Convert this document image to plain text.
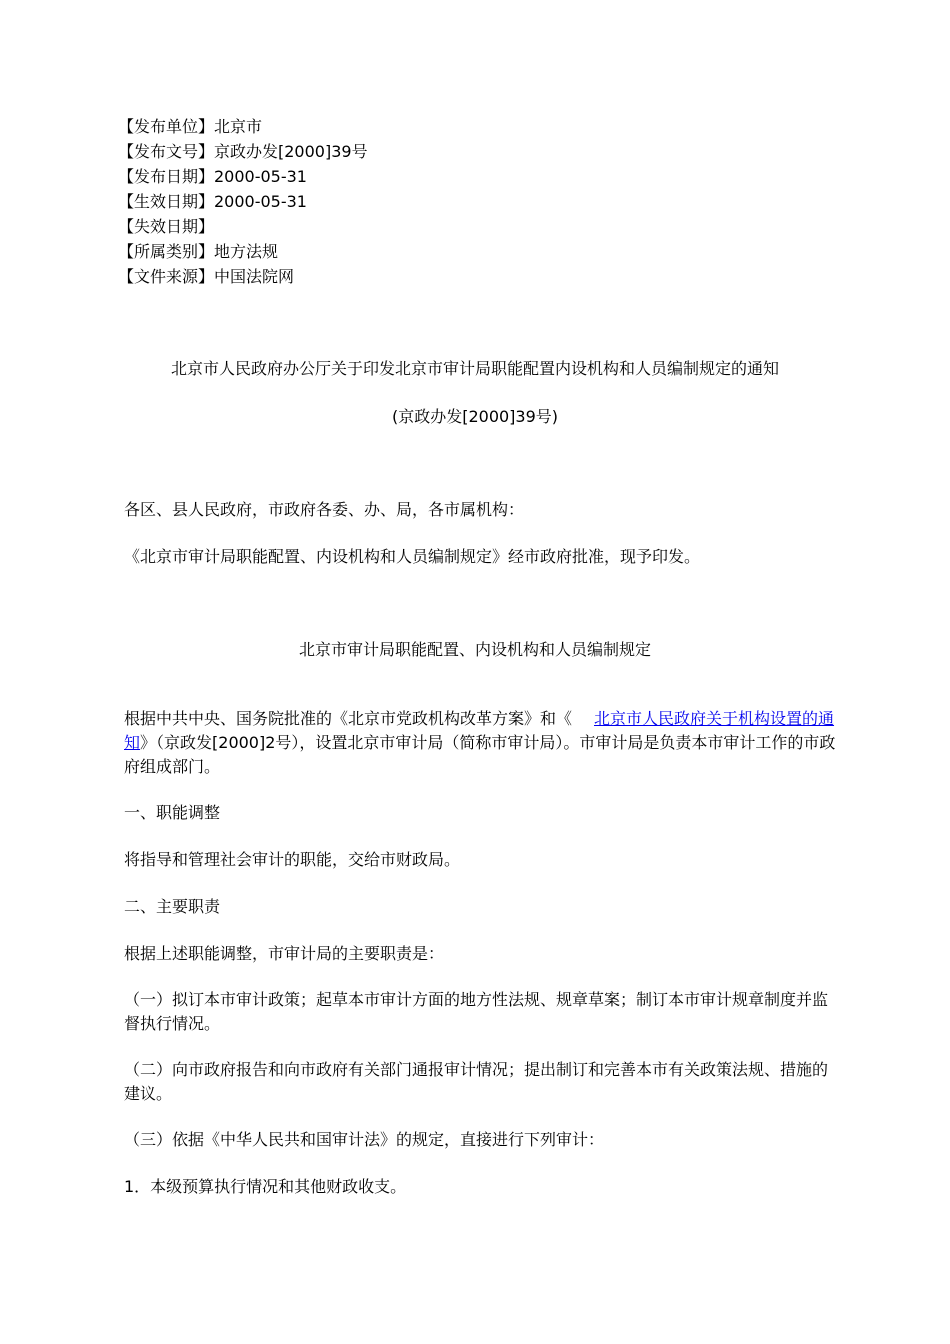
【发布单位】北京市
【发布文号】京政办发[2000]39号
【发布日期】2000-05-31
【生效日期】2000-05-31
【失效日期】
【所属类别】地方法规
【文件来源】中国法院网
北京市人民政府办公厅关于印发北京市审计局职能配置内设机构和人员编制规定的通知
(京政办发[2000]39号)
各区、县人民政府，市政府各委、办、局，各市属机构：
《北京市审计局职能配置、内设机构和人员编制规定》经市政府批准，现予印发。
北京市审计局职能配置、内设机构和人员编制规定
根据中共中央、国务院批准的《北京市党政机构改革方案》和《 北京市人民政府关于机构设置的通知》（京政发[2000]2号），设置北京市审计局（简称市审计局）。市审计局是负责本市审计工作的市政府组成部门。
一、职能调整
将指导和管理社会审计的职能，交给市财政局。
二、主要职责
根据上述职能调整，市审计局的主要职责是：
（一）拟订本市审计政策；起草本市审计方面的地方性法规、规章草案；制订本市审计规章制度并监督执行情况。
（二）向市政府报告和向市政府有关部门通报审计情况；提出制订和完善本市有关政策法规、措施的建议。
（三）依据《中华人民共和国审计法》的规定，直接进行下列审计：
1．本级预算执行情况和其他财政收支。
